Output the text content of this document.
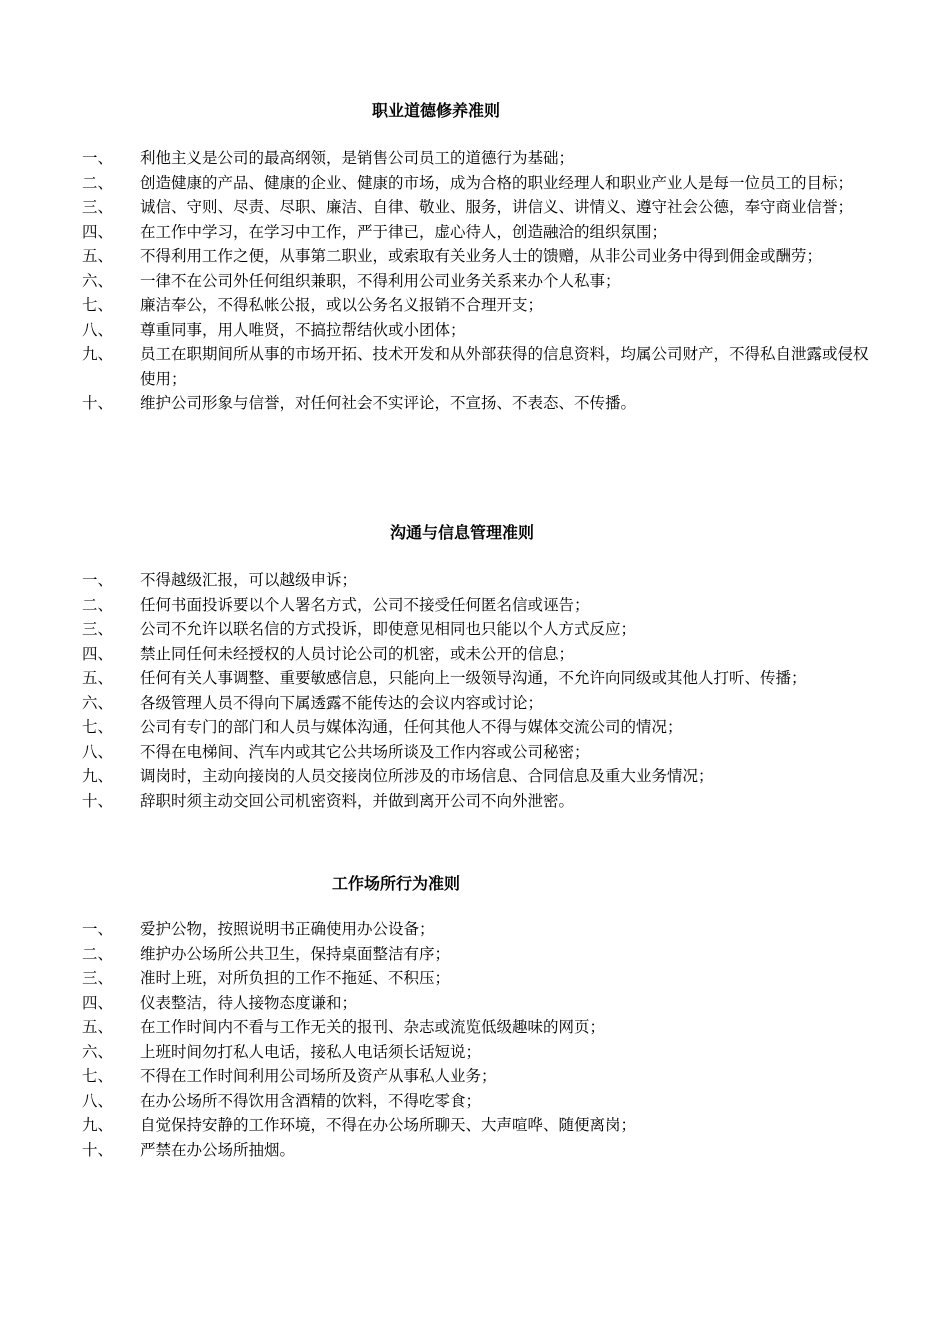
职业道德修养准则
一、 利他主义是公司的最高纲领，是销售公司员工的道德行为基础；
二、 创造健康的产品、健康的企业、健康的市场，成为合格的职业经理人和职业产业人是每一位员工的目标；
三、 诚信、守则、尽责、尽职、廉洁、自律、敬业、服务，讲信义、讲情义、遵守社会公德，奉守商业信誉；
四、 在工作中学习，在学习中工作，严于律已，虚心待人，创造融洽的组织氛围；
五、 不得利用工作之便，从事第二职业，或索取有关业务人士的馈赠，从非公司业务中得到佣金或酬劳；
六、 一律不在公司外任何组织兼职，不得利用公司业务关系来办个人私事；
七、 廉洁奉公，不得私帐公报，或以公务名义报销不合理开支；
八、 尊重同事，用人唯贤，不搞拉帮结伙或小团体；
九、 员工在职期间所从事的市场开拓、技术开发和从外部获得的信息资料，均属公司财产，不得私自泄露或侵权使用；
十、 维护公司形象与信誉，对任何社会不实评论，不宣扬、不表态、不传播。
沟通与信息管理准则
一、 不得越级汇报，可以越级申诉；
二、 任何书面投诉要以个人署名方式，公司不接受任何匿名信或诬告；
三、 公司不允许以联名信的方式投诉，即使意见相同也只能以个人方式反应；
四、 禁止同任何未经授权的人员讨论公司的机密，或未公开的信息；
五、 任何有关人事调整、重要敏感信息，只能向上一级领导沟通，不允许向同级或其他人打听、传播；
六、 各级管理人员不得向下属透露不能传达的会议内容或讨论；
七、 公司有专门的部门和人员与媒体沟通，任何其他人不得与媒体交流公司的情况；
八、 不得在电梯间、汽车内或其它公共场所谈及工作内容或公司秘密；
九、 调岗时，主动向接岗的人员交接岗位所涉及的市场信息、合同信息及重大业务情况；
十、 辞职时须主动交回公司机密资料，并做到离开公司不向外泄密。
工作场所行为准则
一、 爱护公物，按照说明书正确使用办公设备；
二、 维护办公场所公共卫生，保持桌面整洁有序；
三、 准时上班，对所负担的工作不拖延、不积压；
四、 仪表整洁，待人接物态度谦和；
五、 在工作时间内不看与工作无关的报刊、杂志或流览低级趣味的网页；
六、 上班时间勿打私人电话，接私人电话须长话短说；
七、 不得在工作时间利用公司场所及资产从事私人业务；
八、 在办公场所不得饮用含酒精的饮料，不得吃零食；
九、 自觉保持安静的工作环境，不得在办公场所聊天、大声喧哗、随便离岗；
十、 严禁在办公场所抽烟。
